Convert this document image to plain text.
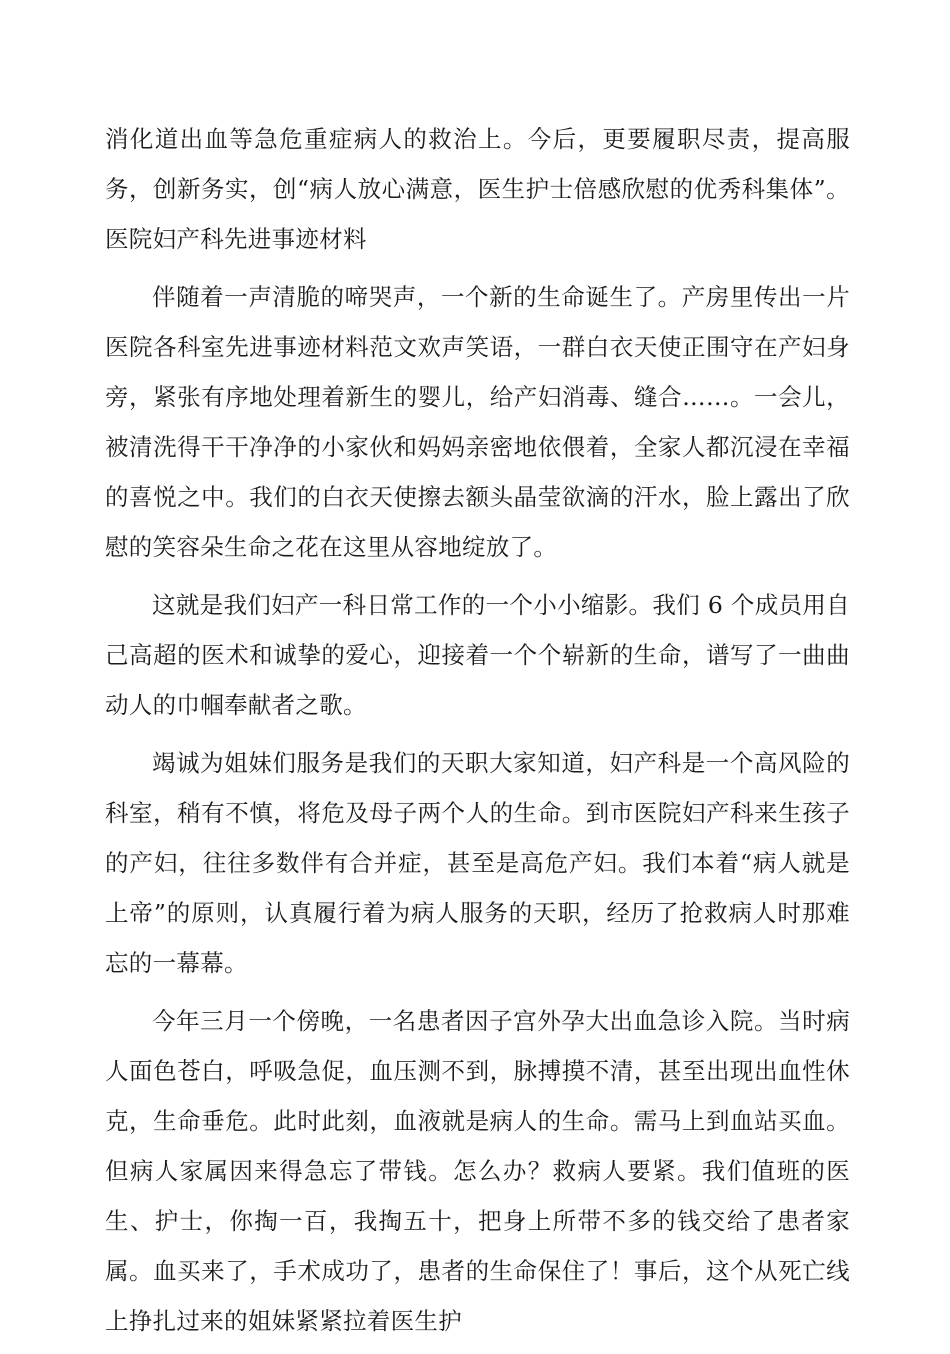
消化道出血等急危重症病人的救治上。今后，更要履职尽责，提高服务，创新务实，创“病人放心满意，医生护士倍感欣慰的优秀科集体”。医院妇产科先进事迹材料

伴随着一声清脆的啼哭声，一个新的生命诞生了。产房里传出一片医院各科室先进事迹材料范文欢声笑语，一群白衣天使正围守在产妇身旁，紧张有序地处理着新生的婴儿，给产妇消毒、缝合……。一会儿，被清洗得干干净净的小家伙和妈妈亲密地依偎着，全家人都沉浸在幸福的喜悦之中。我们的白衣天使擦去额头晶莹欲滴的汗水，脸上露出了欣慰的笑容朵生命之花在这里从容地绽放了。

这就是我们妇产一科日常工作的一个小小缩影。我们 6 个成员用自己高超的医术和诚挚的爱心，迎接着一个个崭新的生命，谱写了一曲曲动人的巾帼奉献者之歌。

竭诚为姐妹们服务是我们的天职大家知道，妇产科是一个高风险的科室，稍有不慎，将危及母子两个人的生命。到市医院妇产科来生孩子的产妇，往往多数伴有合并症，甚至是高危产妇。我们本着“病人就是上帝”的原则，认真履行着为病人服务的天职，经历了抢救病人时那难忘的一幕幕。

今年三月一个傍晚，一名患者因子宫外孕大出血急诊入院。当时病人面色苍白，呼吸急促，血压测不到，脉搏摸不清，甚至出现出血性休克，生命垂危。此时此刻，血液就是病人的生命。需马上到血站买血。但病人家属因来得急忘了带钱。怎么办？救病人要紧。我们值班的医生、护士，你掏一百，我掏五十，把身上所带不多的钱交给了患者家属。血买来了，手术成功了，患者的生命保住了！事后，这个从死亡线上挣扎过来的姐妹紧紧拉着医生护
